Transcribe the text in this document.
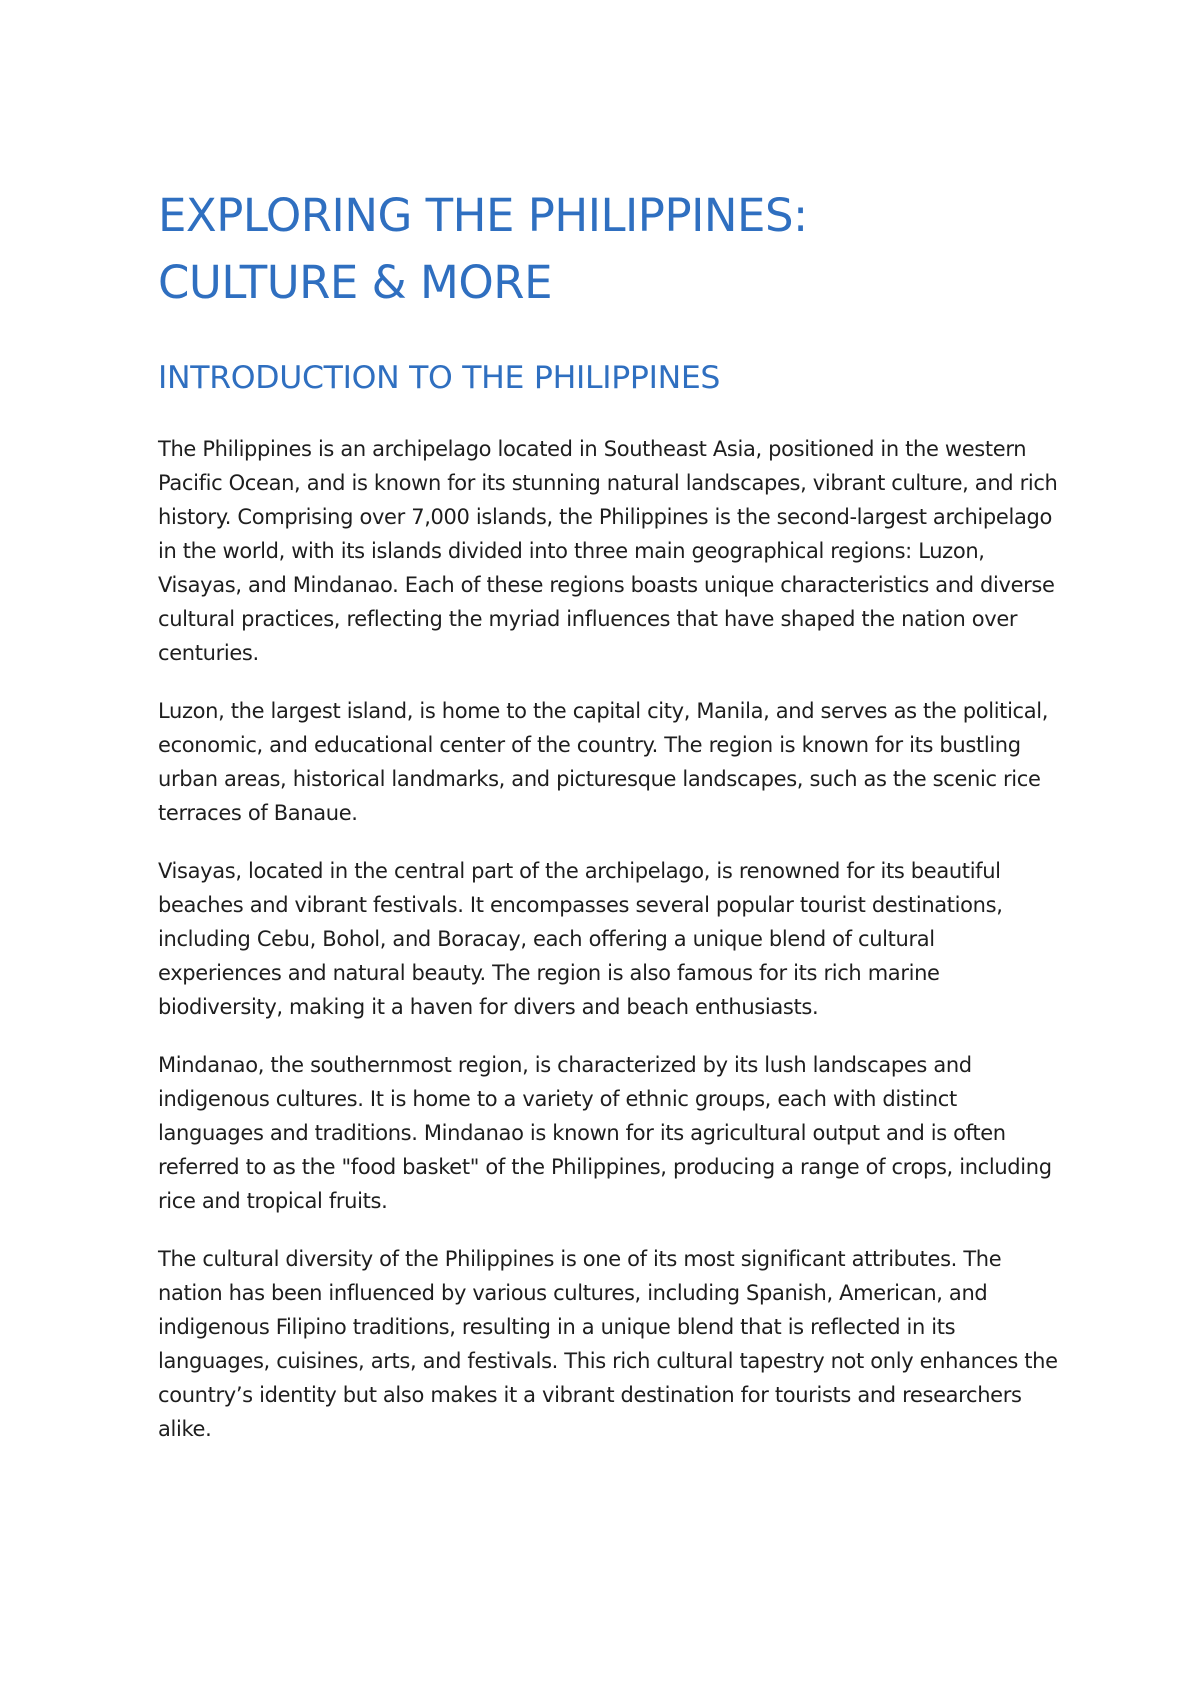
EXPLORING THE PHILIPPINES:
CULTURE & MORE
INTRODUCTION TO THE PHILIPPINES

The Philippines is an archipelago located in Southeast Asia, positioned in the western Pacific Ocean, and is known for its stunning natural landscapes, vibrant culture, and rich history. Comprising over 7,000 islands, the Philippines is the second-largest archipelago in the world, with its islands divided into three main geographical regions: Luzon, Visayas, and Mindanao. Each of these regions boasts unique characteristics and diverse cultural practices, reflecting the myriad influences that have shaped the nation over centuries.

Luzon, the largest island, is home to the capital city, Manila, and serves as the political, economic, and educational center of the country. The region is known for its bustling urban areas, historical landmarks, and picturesque landscapes, such as the scenic rice terraces of Banaue.

Visayas, located in the central part of the archipelago, is renowned for its beautiful beaches and vibrant festivals. It encompasses several popular tourist destinations, including Cebu, Bohol, and Boracay, each offering a unique blend of cultural experiences and natural beauty. The region is also famous for its rich marine biodiversity, making it a haven for divers and beach enthusiasts.

Mindanao, the southernmost region, is characterized by its lush landscapes and indigenous cultures. It is home to a variety of ethnic groups, each with distinct languages and traditions. Mindanao is known for its agricultural output and is often referred to as the "food basket" of the Philippines, producing a range of crops, including rice and tropical fruits.

The cultural diversity of the Philippines is one of its most significant attributes. The nation has been influenced by various cultures, including Spanish, American, and indigenous Filipino traditions, resulting in a unique blend that is reflected in its languages, cuisines, arts, and festivals. This rich cultural tapestry not only enhances the country’s identity but also makes it a vibrant destination for tourists and researchers alike.
